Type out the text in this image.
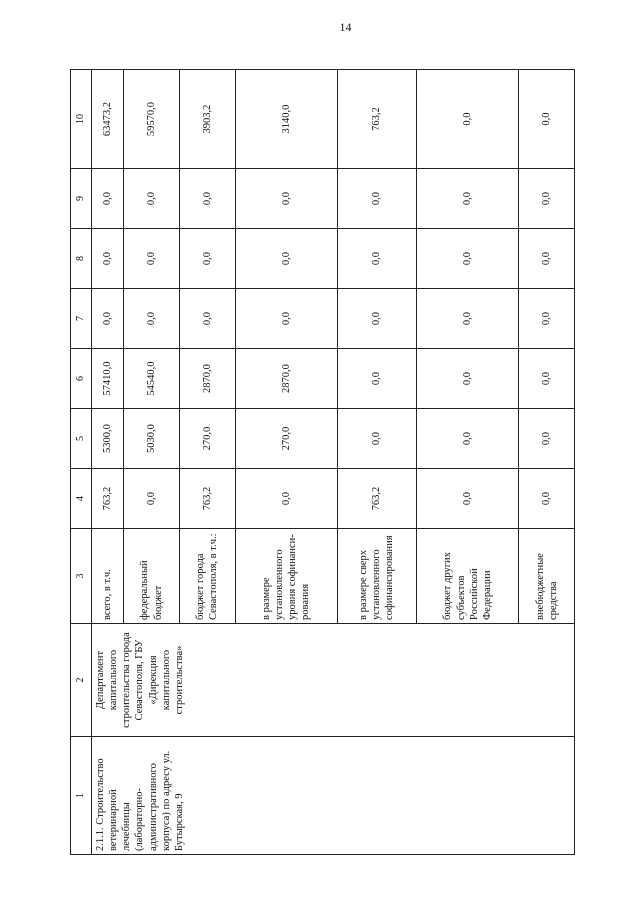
14
1	2	3	4	5	6	7	8	9	10
2.1.1. Строительство ветеринарной лечебницы (лабораторно-административного корпуса) по адресу ул. Бутырская, 9	Департамент капитального строительства города Севастополя, ГБУ «Дирекция капитального строительства»	всего, в т.ч.	763,2	5300,0	57410,0	0,0	0,0	0,0	63473,2
		федеральный бюджет	0,0	5030,0	54540,0	0,0	0,0	0,0	59570,0
		бюджет города Севастополя, в т.ч.:	763,2	270,0	2870,0	0,0	0,0	0,0	3903,2
		в размере установленного уровня софинанси-рования	0,0	270,0	2870,0	0,0	0,0	0,0	3140,0
		в размере сверх установленного софинансирования	763,2	0,0	0,0	0,0	0,0	0,0	763,2
		бюджет других субъектов Российской Федерации	0,0	0,0	0,0	0,0	0,0	0,0	0,0
		внебюджетные средства	0,0	0,0	0,0	0,0	0,0	0,0	0,0
